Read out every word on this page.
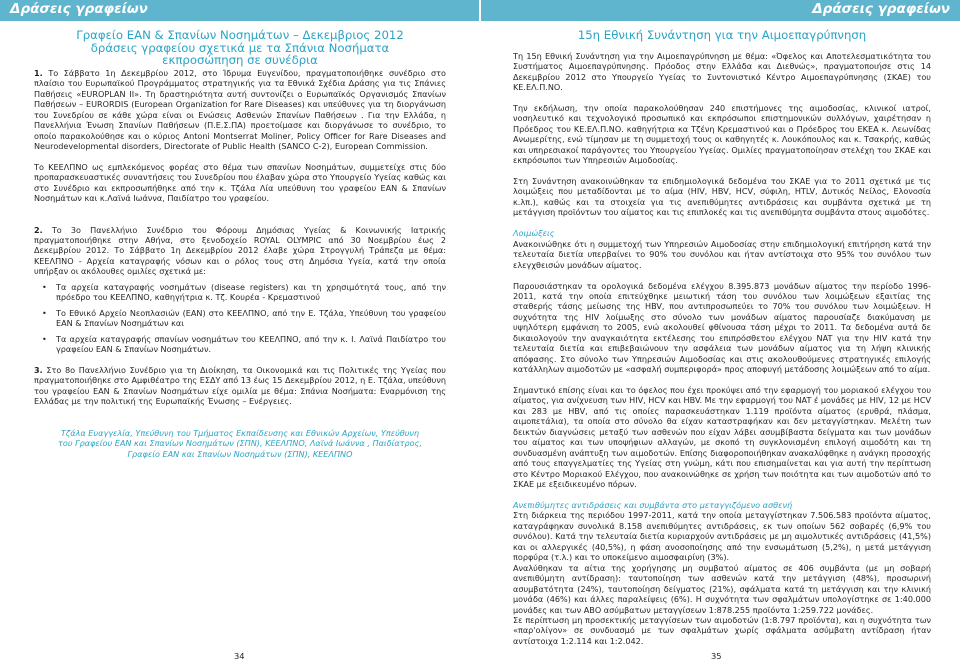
Δράσεις γραφείων	Δράσεις γραφείων
Γραφείο ΕΑΝ & Σπανίων Νοσημάτων – Δεκεμβριος 2012
δράσεις γραφείου σχετικά με τα Σπάνια Νοσήματα
εκπροσώπηση σε συνέδρια

1. Το Σάββατο 1η Δεκεμβρίου 2012, στο Ίδρυμα Ευγενίδου, πραγματοποιήθηκε συνέδριο στο πλαίσιο του Ευρωπαϊκού Προγράμματος στρατηγικής για τα Εθνικά Σχέδια Δράσης για τις Σπάνιες Παθήσεις «EUROPLAN II». Τη δραστηριότητα αυτή συντονίζει ο Ευρωπαϊκός Οργανισμός Σπανίων Παθήσεων – EURORDIS (European Organization for Rare Diseases) και υπεύθυνες για τη διοργάνωση του Συνεδρίου σε κάθε χώρα είναι οι Ενώσεις Ασθενών Σπανίων Παθήσεων . Για την Ελλάδα, η Πανελλήνια Ένωση Σπανίων Παθήσεων (Π.Ε.Σ.ΠΑ) προετοίμασε και διοργάνωσε το συνέδριο, το οποίο παρακολούθησε και ο κύριος Antoni Montserrat Moliner, Policy Officer for Rare Diseases and Neurodevelopmental disorders, Directorate of Public Health (SANCO C-2), European Commission.

Το ΚΕΕΛΠΝΟ ως εμπλεκόμενος φορέας στο θέμα των σπανίων Νοσημάτων, συμμετείχε στις δύο προπαρασκευαστικές συναντήσεις του Συνεδρίου που έλαβαν χώρα στο Υπουργείο Υγείας καθώς και στο Συνέδριο και εκπροσωπήθηκε από την κ. Τζάλα Λία υπεύθυνη του γραφείου ΕΑΝ & Σπανίων Νοσημάτων και κ.Λαϊνά Ιωάννα, Παιδίατρο του γραφείου.

2. Το 3ο Πανελλήνιο Συνέδριο του Φόρουμ Δημόσιας Υγείας & Κοινωνικής Ιατρικής πραγματοποιήθηκε στην Αθήνα, στο ξενοδοχείο ROYAL OLYMPIC από 30 Νοεμβρίου έως 2 Δεκεμβρίου 2012. Το Σάββατο 1η Δεκεμβρίου 2012 έλαβε χώρα Στρογγυλή Τράπεζα με θέμα: ΚΕΕΛΠΝΟ - Αρχεία καταγραφής νόσων και ο ρόλος τους στη Δημόσια Υγεία, κατά την οποία υπήρξαν οι ακόλουθες ομιλίες σχετικά με:

• Τα αρχεία καταγραφής νοσημάτων (disease registers) και τη χρησιμότητά τους, από την πρόεδρο του ΚΕΕΛΠΝΟ, καθηγήτρια κ. Τζ. Κουρέα - Κρεμαστινού
• Το Εθνικό Αρχείο Νεοπλασιών (ΕΑΝ) στο ΚΕΕΛΠΝΟ, από την Ε. Τζάλα, Υπεύθυνη του γραφείου ΕΑΝ & Σπανίων Νοσημάτων και
• Τα αρχεία καταγραφής σπανίων νοσημάτων του ΚΕΕΛΠΝΟ, από την κ. Ι. Λαϊνά Παιδίατρο του γραφείου ΕΑΝ & Σπανίων Νοσημάτων.

3. Στο 8ο Πανελλήνιο Συνέδριο για τη Διοίκηση, τα Οικονομικά και τις Πολιτικές της Υγείας που πραγματοποιήθηκε στο Αμφιθέατρο της ΕΣΔΥ από 13 έως 15 Δεκεμβρίου 2012, η Ε. Τζάλα, υπεύθυνη του γραφείου ΕΑΝ & Σπανίων Νοσημάτων είχε ομιλία με θέμα: Σπάνια Νοσήματα: Εναρμόνιση της Ελλάδας με την πολιτική της Ευρωπαϊκής Ένωσης – Ενέργειες.

Τζάλα Ευαγγελία, Υπεύθυνη του Τμήματος Εκπαίδευσης και Εθνικών Αρχείων, Υπεύθυνη
του Γραφείου ΕΑΝ και Σπανίων Νοσημάτων (ΣΠΝ), ΚΕΕΛΠΝΟ, Λαϊνά Ιωάννα , Παιδίατρος,
Γραφείο ΕΑΝ και Σπανίων Νοσημάτων (ΣΠΝ), ΚΕΕΛΠΝΟ
15η Εθνική Συνάντηση για την Αιμοεπαγρύπνηση

Τη 15η Εθνική Συνάντηση για την Αιμοεπαγρύπνηση με θέμα: «Όφελος και Αποτελεσματικότητα του Συστήματος Αιμοεπαγρύπνησης. Πρόοδος στην Ελλάδα και Διεθνώς», πραγματοποιήσε στις 14 Δεκεμβρίου 2012 στο Υπουργείο Υγείας το Συντονιστικό Κέντρο Αιμοεπαγρύπνησης (ΣΚΑΕ) του ΚΕ.ΕΛ.Π.ΝΟ.

Την εκδήλωση, την οποία παρακολούθησαν 240 επιστήμονες της αιμοδοσίας, κλινικοί ιατροί, νοσηλευτικό και τεχνολογικό προσωπικό και εκπρόσωποι επιστημονικών συλλόγων, χαιρέτησαν η Πρόεδρος του ΚΕ.ΕΛ.Π.ΝΟ. καθηγήτρια κα Τζένη Κρεμαστινού και ο Πρόεδρος του ΕΚΕΑ κ. Λεωνίδας Ανωμερίτης, ενώ τίμησαν με τη συμμετοχή τους οι καθηγητές κ. Λουκόπουλος και κ. Τσακρής, καθώς και υπηρεσιακοί παράγοντες του Υπουργείου Υγείας. Ομιλίες πραγματοποίησαν στελέχη του ΣΚΑΕ και εκπρόσωποι των Υπηρεσιών Αιμοδοσίας.

Στη Συνάντηση ανακοινώθηκαν τα επιδημιολογικά δεδομένα του ΣΚΑΕ για το 2011 σχετικά με τις λοιμώξεις που μεταδίδονται με το αίμα (HIV, HBV, HCV, σύφιλη, HTLV, Δυτικός Νείλος, Ελονοσία κ.λπ.), καθώς και τα στοιχεία για τις ανεπιθύμητες αντιδράσεις και συμβάντα σχετικά με τη μετάγγιση προϊόντων του αίματος και τις επιπλοκές και τις ανεπιθύμητα συμβάντα στους αιμοδότες.

Λοιμώξεις

Ανακοινώθηκε ότι η συμμετοχή των Υπηρεσιών Αιμοδοσίας στην επιδημιολογική επιτήρηση κατά την τελευταία διετία υπερβαίνει το 90% του συνόλου και ήταν αντίστοιχα στο 95% του συνόλου των ελεγχθεισών μονάδων αίματος.

Παρουσιάστηκαν τα ορολογικά δεδομένα ελέγχου 8.395.873 μονάδων αίματος την περίοδο 1996-2011, κατά την οποία επιτεύχθηκε μειωτική τάση του συνόλου των λοιμώξεων εξαιτίας της σταθερής τάσης μείωσης της HBV, που αντιπροσωπεύει το 70% του συνόλου των λοιμώξεων. Η συχνότητα της HIV λοίμωξης στο σύνολο των μονάδων αίματος παρουσίαζε διακύμανση με υψηλότερη εμφάνιση το 2005, ενώ ακολουθεί φθίνουσα τάση μέχρι το 2011. Τα δεδομένα αυτά δε δικαιολογούν την αναγκαιότητα εκτέλεσης του επιπρόσθετου ελέγχου NAT για την HIV κατά την τελευταία διετία και επιβεβαιώνουν την ασφάλεια των μονάδων αίματος για τη λήψη κλινικής απόφασης. Στο σύνολο των Υπηρεσιών Αιμοδοσίας και στις ακολουθούμενες στρατηγικές επιλογής κατάλληλων αιμοδοτών με «ασφαλή συμπεριφορά» προς αποφυγή μετάδοσης λοιμώξεων από το αίμα.

Σημαντικό επίσης είναι και το όφελος που έχει προκύψει από την εφαρμογή του μοριακού ελέγχου του αίματος, για ανίχνευση των HIV, HCV και HBV. Με την εφαρμογή του NAT έ μονάδες με HIV, 12 με HCV και 283 με HBV, από τις οποίες παρασκευάστηκαν 1.119 προϊόντα αίματος (ερυθρά, πλάσμα, αιμοπετάλια), τα οποία στο σύνολο θα είχαν καταστραφήκαν και δεν μεταγγίστηκαν. Μελέτη των δεικτών διαγνώσεις μεταξύ των ασθενών που είχαν λάβει ασυμβίβαστα δείγματα και των μονάδων του αίματος και των υποψήφιων αλλαγών, με σκοπό τη συγκλονισμένη επιλογή αιμοδότη και τη συνδυασμένη ανάπτυξη των αιμοδοτών. Επίσης διαφοροποιήθηκαν ανακαλύφθηκε η ανάγκη προσοχής από τους επαγγελματίες της Υγείας στη γνώμη, κάτι που επισημαίνεται και για αυτή την περίπτωση στο Κέντρο Μοριακού Ελέγχου, που ανακοινώθηκε σε χρήση των ποιότητα και των αιμοδοτών από το ΣΚΑΕ με εξειδικευμένο πόρων.

Ανεπιθύμητες αντιδράσεις και συμβάντα στο μεταγγιζόμενο ασθενή

Στη διάρκεια της περιόδου 1997-2011, κατά την οποία μεταγγίστηκαν 7.506.583 προϊόντα αίματος, καταγράφηκαν συνολικά 8.158 ανεπιθύμητες αντιδράσεις, εκ των οποίων 562 σοβαρές (6,9% του συνόλου). Κατά την τελευταία διετία κυριαρχούν αντιδράσεις με μη αιμολυτικές αντιδράσεις (41,5%) και οι αλλεργικές (40,5%), η φάση ανοσοποίησης από την ενσωμάτωση (5,2%), η μετά μετάγγιση πορφύρα (τ.λ.) και το υποκείμενο αιμοσφαιρίνη (3%).

Αναλύθηκαν τα αίτια της χορήγησης μη συμβατού αίματος σε 406 συμβάντα (με μη σοβαρή ανεπιθύμητη αντίδραση): ταυτοποίηση των ασθενών κατά την μετάγγιση (48%), προσωρινή ασυμβατότητα (24%), ταυτοποίηση δείγματος (21%), σφάλματα κατά τη μετάγγιση και την κλινική μονάδα (46%) και άλλες παραλείψεις (6%). Η συχνότητα των σφαλμάτων υπολογίστηκε σε 1:40.000 μονάδες και των ΑΒΟ ασύμβατων μεταγγίσεων 1:878.255 προϊόντα 1:259.722 μονάδες.

Σε περίπτωση μη προσεκτικής μεταγγίσεων των αιμοδοτών (1:8.797 προϊόντα), και η συχνότητα των «παρ'ολίγον» σε συνδυασμό με των σφαλμάτων χωρίς σφάλματα ασύμβατη αντίδραση ήταν αντίστοιχα 1:2.114 και 1:2.042.

34	35
